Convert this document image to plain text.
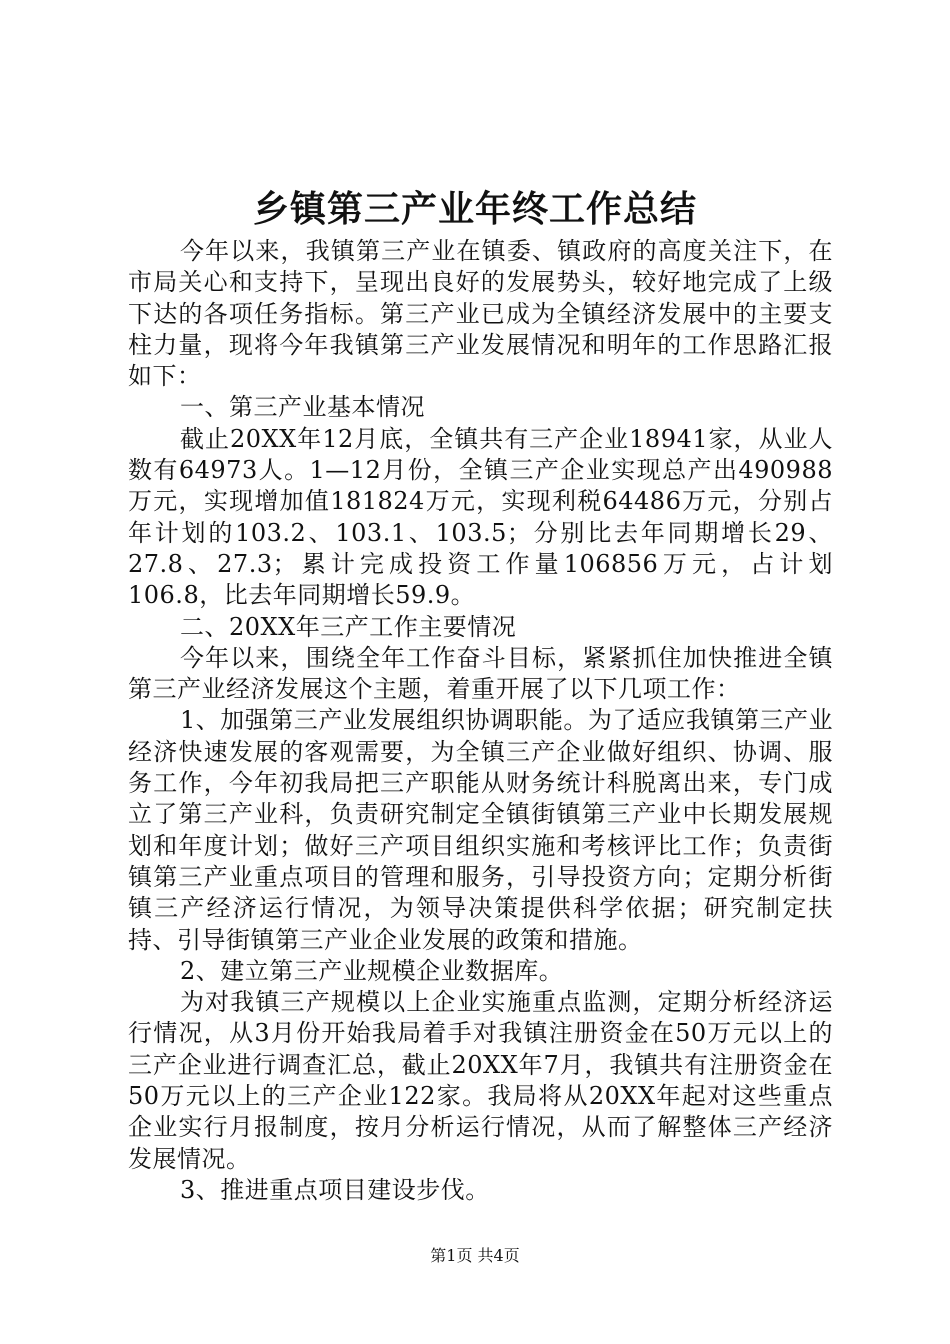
乡镇第三产业年终工作总结

今年以来，我镇第三产业在镇委、镇政府的高度关注下，在市局关心和支持下，呈现出良好的发展势头，较好地完成了上级下达的各项任务指标。第三产业已成为全镇经济发展中的主要支柱力量，现将今年我镇第三产业发展情况和明年的工作思路汇报如下：

一、第三产业基本情况

截止20XX年12月底，全镇共有三产企业18941家，从业人数有64973人。1—12月份，全镇三产企业实现总产出490988万元，实现增加值181824万元，实现利税64486万元，分别占年计划的103.2、103.1、103.5；分别比去年同期增长29、27.8、27.3；累计完成投资工作量106856万元，占计划106.8，比去年同期增长59.9。

二、20XX年三产工作主要情况

今年以来，围绕全年工作奋斗目标，紧紧抓住加快推进全镇第三产业经济发展这个主题，着重开展了以下几项工作：

1、加强第三产业发展组织协调职能。为了适应我镇第三产业经济快速发展的客观需要，为全镇三产企业做好组织、协调、服务工作，今年初我局把三产职能从财务统计科脱离出来，专门成立了第三产业科，负责研究制定全镇街镇第三产业中长期发展规划和年度计划；做好三产项目组织实施和考核评比工作；负责街镇第三产业重点项目的管理和服务，引导投资方向；定期分析街镇三产经济运行情况，为领导决策提供科学依据；研究制定扶持、引导街镇第三产业企业发展的政策和措施。

2、建立第三产业规模企业数据库。

为对我镇三产规模以上企业实施重点监测，定期分析经济运行情况，从3月份开始我局着手对我镇注册资金在50万元以上的三产企业进行调查汇总，截止20XX年7月，我镇共有注册资金在50万元以上的三产企业122家。我局将从20XX年起对这些重点企业实行月报制度，按月分析运行情况，从而了解整体三产经济发展情况。

3、推进重点项目建设步伐。

第1页 共4页
